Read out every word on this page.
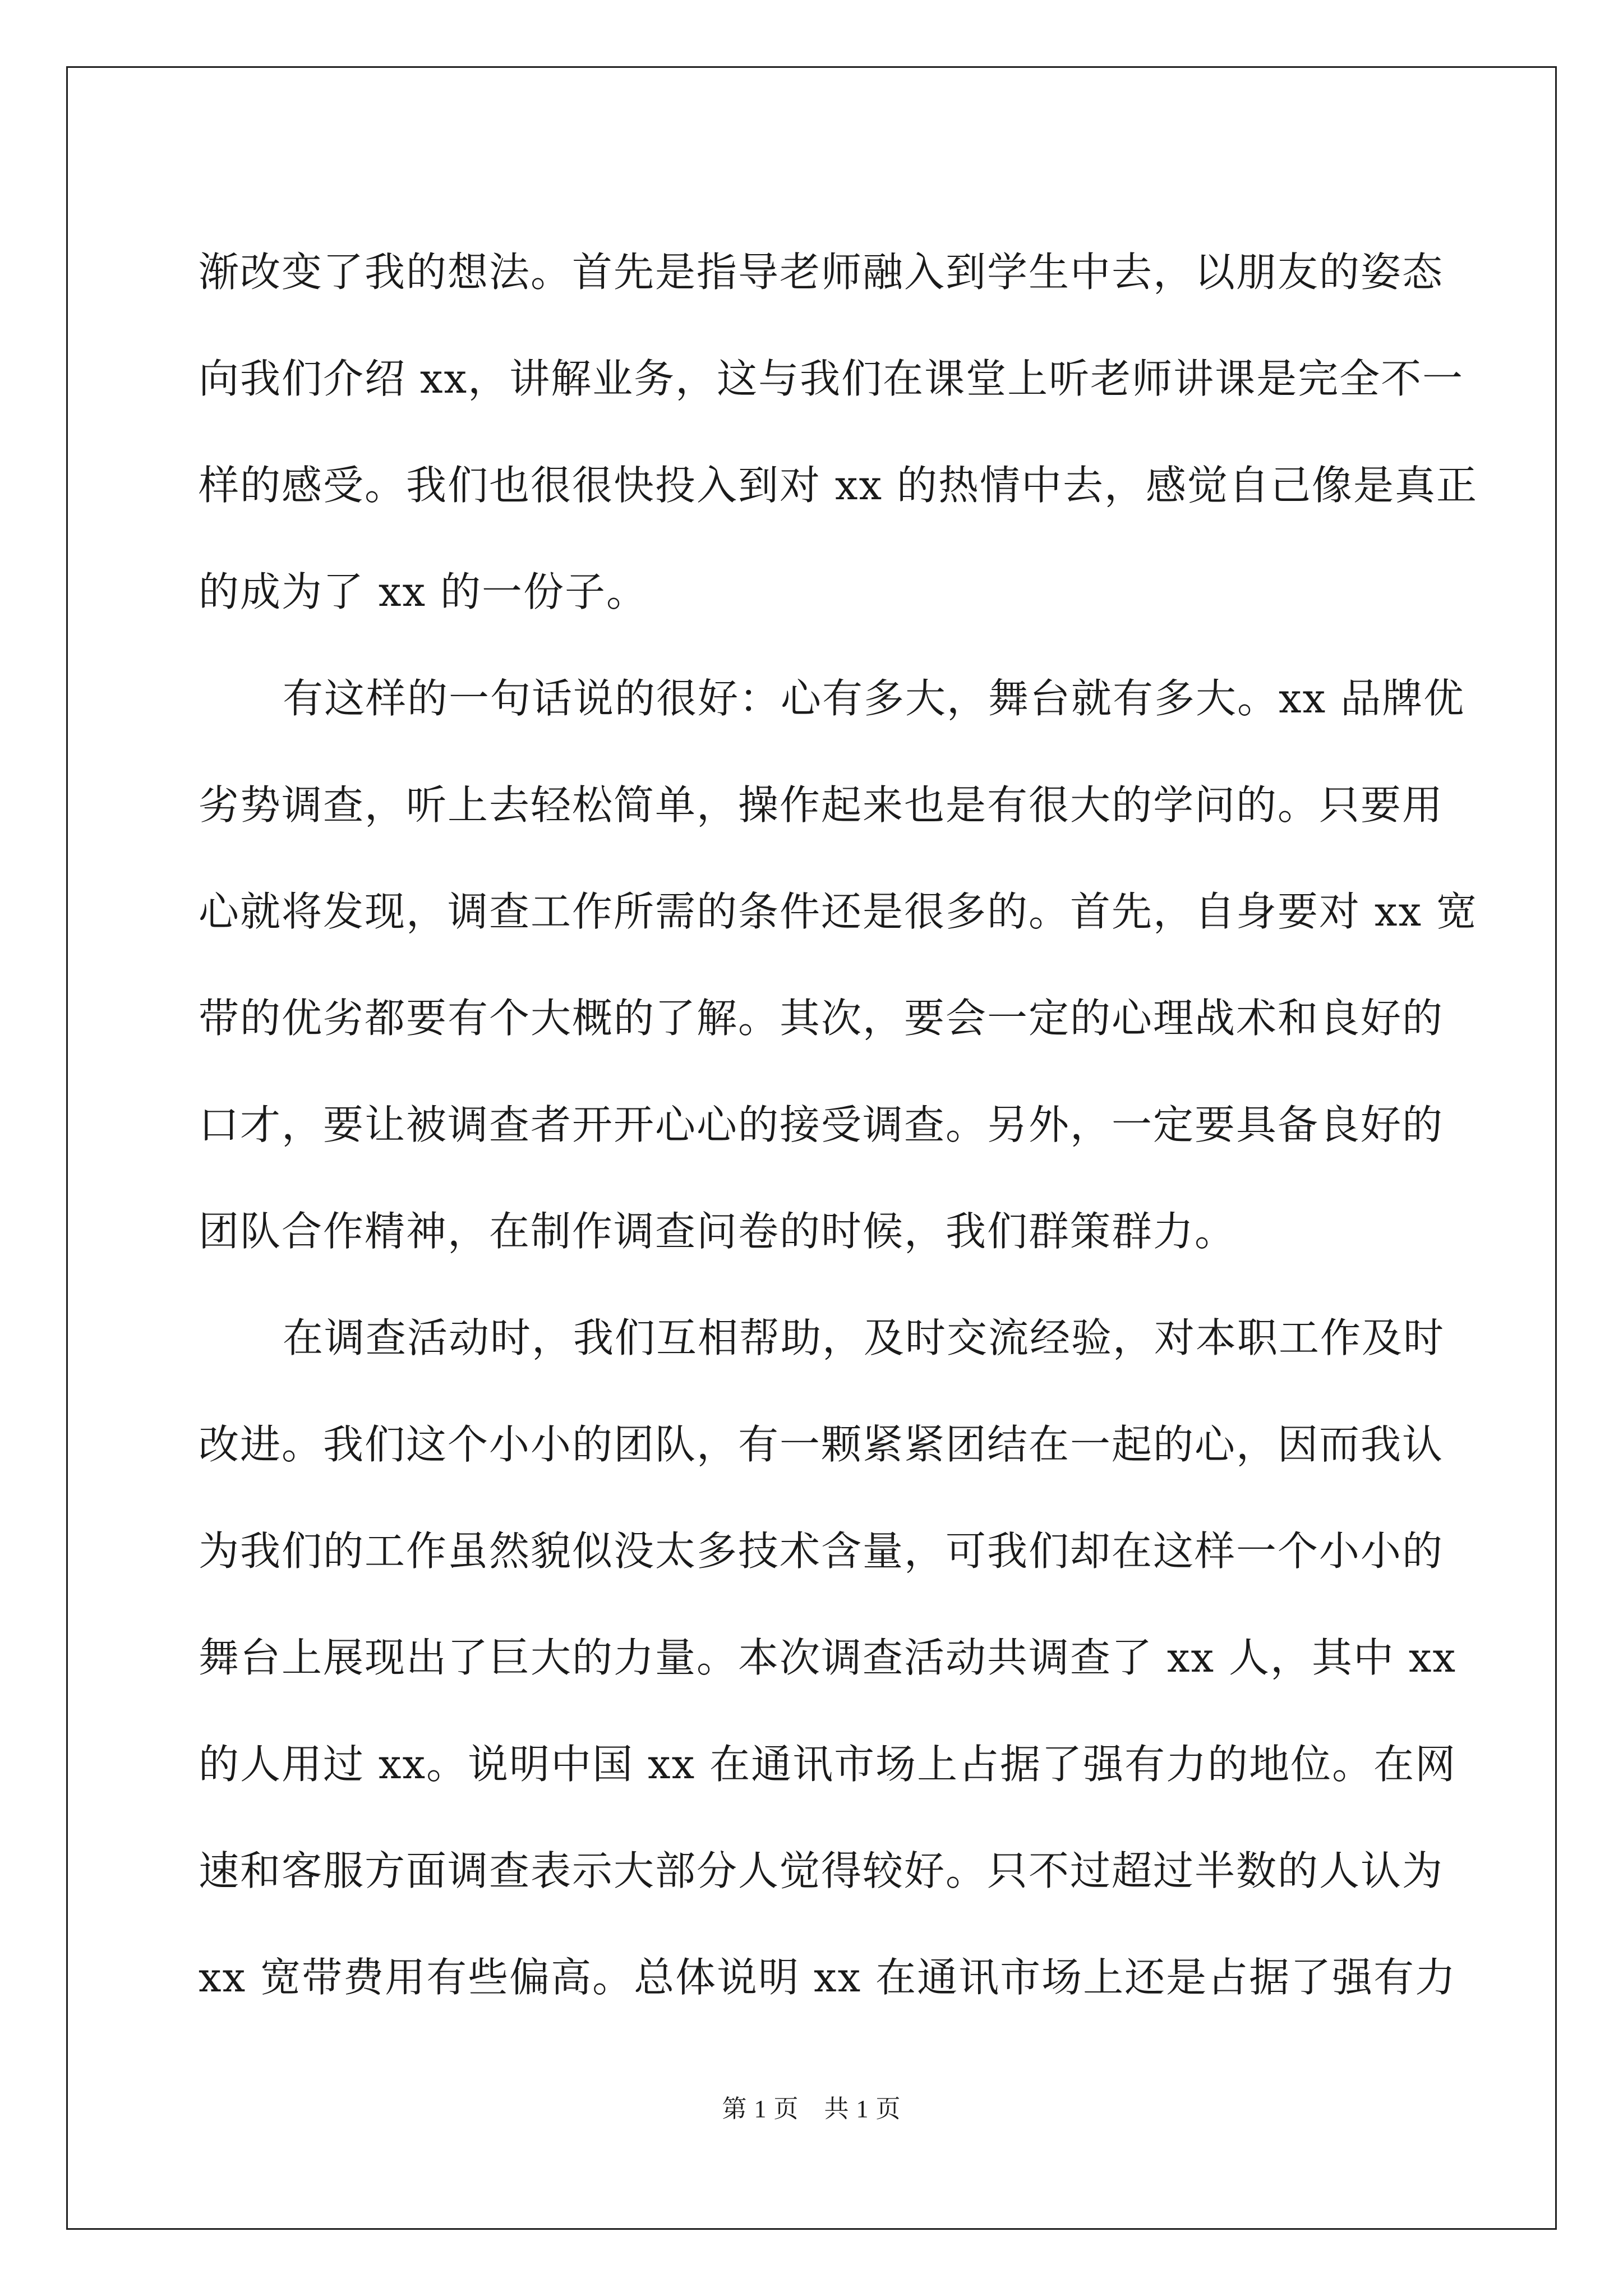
渐改变了我的想法。首先是指导老师融入到学生中去，以朋友的姿态
向我们介绍 xx，讲解业务，这与我们在课堂上听老师讲课是完全不一
样的感受。我们也很很快投入到对 xx 的热情中去，感觉自己像是真正
的成为了 xx 的一份子。
有这样的一句话说的很好：心有多大，舞台就有多大。xx 品牌优
劣势调查，听上去轻松简单，操作起来也是有很大的学问的。只要用
心就将发现，调查工作所需的条件还是很多的。首先，自身要对 xx 宽
带的优劣都要有个大概的了解。其次，要会一定的心理战术和良好的
口才，要让被调查者开开心心的接受调查。另外，一定要具备良好的
团队合作精神，在制作调查问卷的时候，我们群策群力。
在调查活动时，我们互相帮助，及时交流经验，对本职工作及时
改进。我们这个小小的团队，有一颗紧紧团结在一起的心，因而我认
为我们的工作虽然貌似没太多技术含量，可我们却在这样一个小小的
舞台上展现出了巨大的力量。本次调查活动共调查了 xx 人，其中 xx
的人用过 xx。说明中国 xx 在通讯市场上占据了强有力的地位。在网
速和客服方面调查表示大部分人觉得较好。只不过超过半数的人认为
xx 宽带费用有些偏高。总体说明 xx 在通讯市场上还是占据了强有力
第 1 页　共 1 页
